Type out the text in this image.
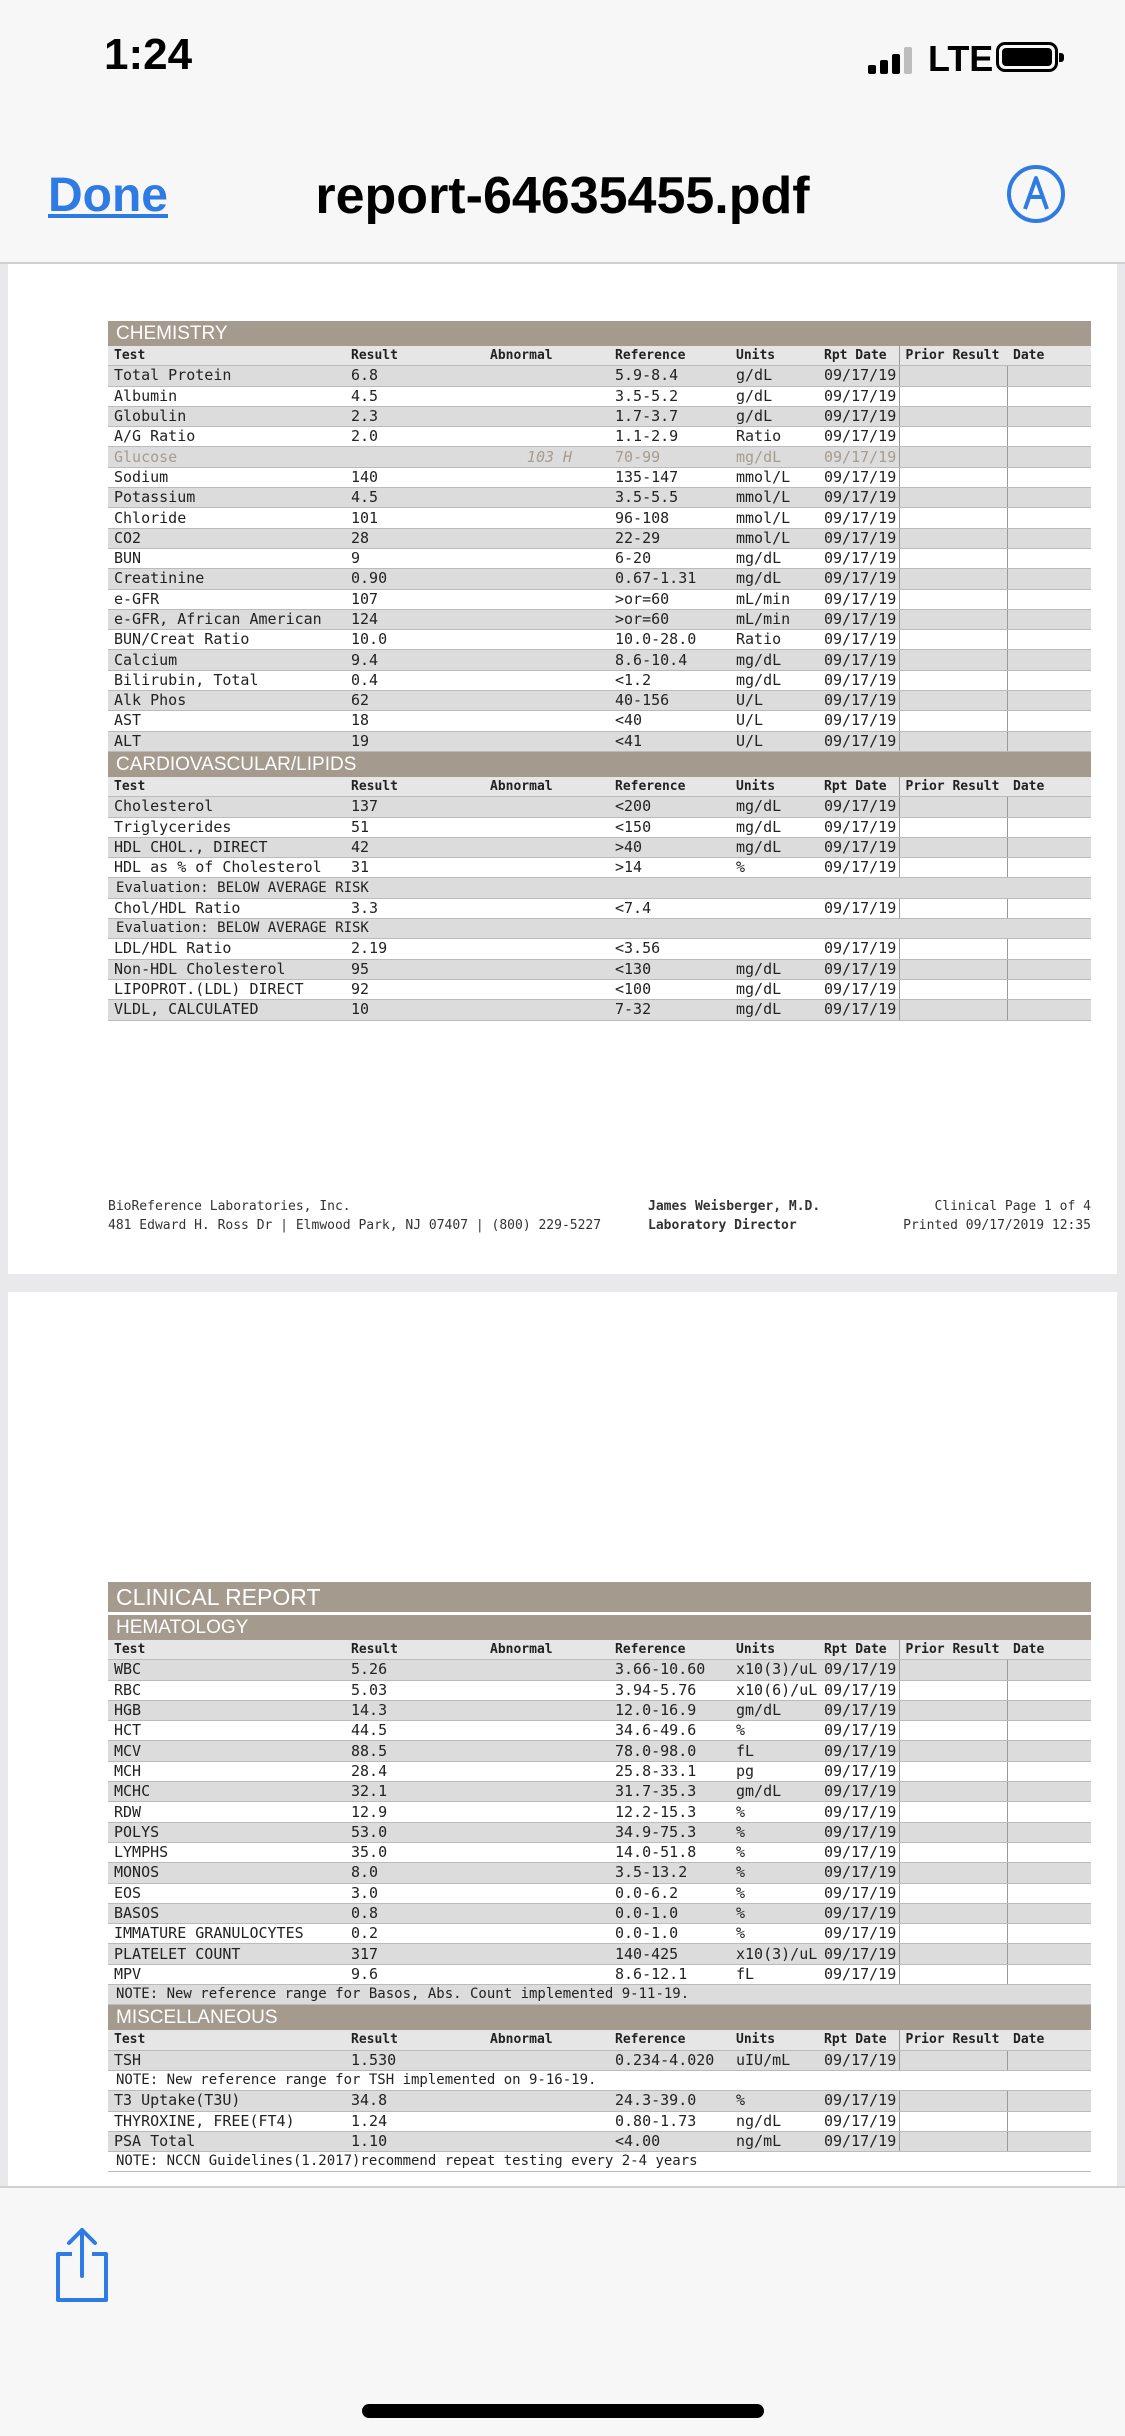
1:24	LTE
Done	report-64635455.pdf
CHEMISTRY
Test	Result	Abnormal	Reference	Units	Rpt Date	Prior Result	Date
Total Protein	6.8		5.9-8.4	g/dL	09/17/19		
Albumin	4.5		3.5-5.2	g/dL	09/17/19		
Globulin	2.3		1.7-3.7	g/dL	09/17/19		
A/G Ratio	2.0		1.1-2.9	Ratio	09/17/19		
Glucose		103 H	70-99	mg/dL	09/17/19		
Sodium	140		135-147	mmol/L	09/17/19		
Potassium	4.5		3.5-5.5	mmol/L	09/17/19		
Chloride	101		96-108	mmol/L	09/17/19		
CO2	28		22-29	mmol/L	09/17/19		
BUN	9		6-20	mg/dL	09/17/19		
Creatinine	0.90		0.67-1.31	mg/dL	09/17/19		
e-GFR	107		>or=60	mL/min	09/17/19		
e-GFR, African American	124		>or=60	mL/min	09/17/19		
BUN/Creat Ratio	10.0		10.0-28.0	Ratio	09/17/19		
Calcium	9.4		8.6-10.4	mg/dL	09/17/19		
Bilirubin, Total	0.4		<1.2	mg/dL	09/17/19		
Alk Phos	62		40-156	U/L	09/17/19		
AST	18		<40	U/L	09/17/19		
ALT	19		<41	U/L	09/17/19		
CARDIOVASCULAR/LIPIDS
Test	Result	Abnormal	Reference	Units	Rpt Date	Prior Result	Date
Cholesterol	137		<200	mg/dL	09/17/19		
Triglycerides	51		<150	mg/dL	09/17/19		
HDL CHOL., DIRECT	42		>40	mg/dL	09/17/19		
HDL as % of Cholesterol	31		>14	%	09/17/19		
Evaluation: BELOW AVERAGE RISK							
Chol/HDL Ratio	3.3		<7.4		09/17/19		
Evaluation: BELOW AVERAGE RISK							
LDL/HDL Ratio	2.19		<3.56		09/17/19		
Non-HDL Cholesterol	95		<130	mg/dL	09/17/19		
LIPOPROT.(LDL) DIRECT	92		<100	mg/dL	09/17/19		
VLDL, CALCULATED	10		7-32	mg/dL	09/17/19		
BioReference Laboratories, Inc.
481 Edward H. Ross Dr | Elmwood Park, NJ 07407 | (800) 229-5227
James Weisberger, M.D.
Laboratory Director
Clinical Page 1 of 4
Printed 09/17/2019 12:35
CLINICAL REPORT
HEMATOLOGY
Test	Result	Abnormal	Reference	Units	Rpt Date	Prior Result	Date
WBC	5.26		3.66-10.60	x10(3)/uL	09/17/19		
RBC	5.03		3.94-5.76	x10(6)/uL	09/17/19		
HGB	14.3		12.0-16.9	gm/dL	09/17/19		
HCT	44.5		34.6-49.6	%	09/17/19		
MCV	88.5		78.0-98.0	fL	09/17/19		
MCH	28.4		25.8-33.1	pg	09/17/19		
MCHC	32.1		31.7-35.3	gm/dL	09/17/19		
RDW	12.9		12.2-15.3	%	09/17/19		
POLYS	53.0		34.9-75.3	%	09/17/19		
LYMPHS	35.0		14.0-51.8	%	09/17/19		
MONOS	8.0		3.5-13.2	%	09/17/19		
EOS	3.0		0.0-6.2	%	09/17/19		
BASOS	0.8		0.0-1.0	%	09/17/19		
IMMATURE GRANULOCYTES	0.2		0.0-1.0	%	09/17/19		
PLATELET COUNT	317		140-425	x10(3)/uL	09/17/19		
MPV	9.6		8.6-12.1	fL	09/17/19		
NOTE: New reference range for Basos, Abs. Count implemented 9-11-19.							
MISCELLANEOUS
Test	Result	Abnormal	Reference	Units	Rpt Date	Prior Result	Date
TSH	1.530		0.234-4.020	uIU/mL	09/17/19		
NOTE: New reference range for TSH implemented on 9-16-19.							
T3 Uptake(T3U)	34.8		24.3-39.0	%	09/17/19		
THYROXINE, FREE(FT4)	1.24		0.80-1.73	ng/dL	09/17/19		
PSA Total	1.10		<4.00	ng/mL	09/17/19		
NOTE: NCCN Guidelines(1.2017)recommend repeat testing every 2-4 years							
